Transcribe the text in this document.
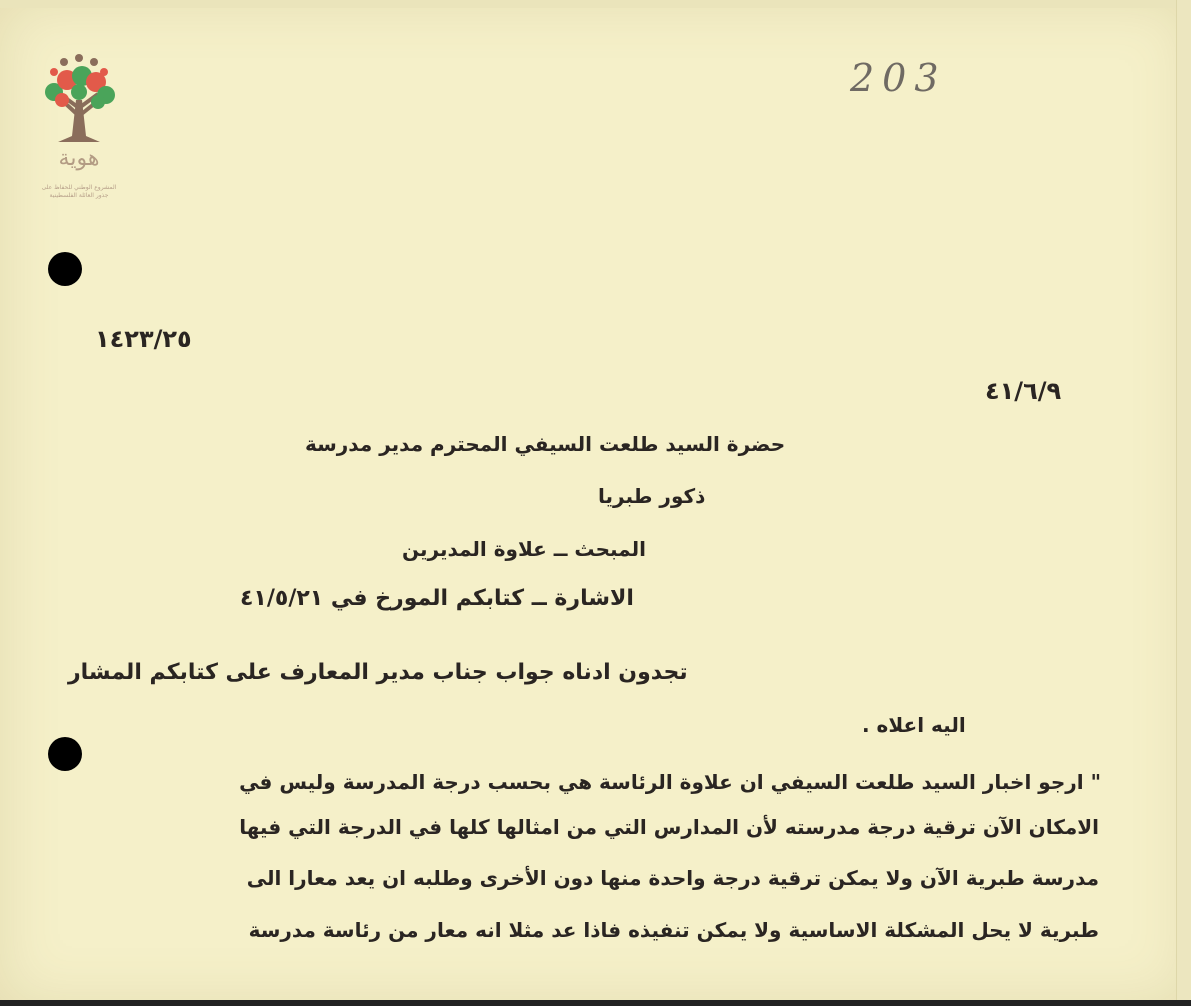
203
هوية
المشروع الوطني للحفاظ على
جذور العائلة الفلسطينية

١٤٢٣/٢٥

٤١/٦/٩

حضرة السيد طلعت السيفي المحترم مدير مدرسة

ذكور طبريا

المبحث ــ علاوة المديرين

الاشارة ــ كتابكم المورخ في ٤١/٥/٢١

تجدون ادناه جواب جناب مدير المعارف على كتابكم المشار

اليه اعلاه .

" ارجو اخبار السيد طلعت السيفي ان علاوة الرئاسة هي بحسب درجة المدرسة وليس في

الامكان الآن ترقية درجة مدرسته لأن المدارس التي من امثالها كلها في الدرجة التي فيها

مدرسة طبرية الآن ولا يمكن ترقية درجة واحدة منها دون الأخرى وطلبه ان يعد معارا الى

طبرية لا يحل المشكلة الاساسية ولا يمكن تنفيذه فاذا عد مثلا انه معار من رئاسة مدرسة
